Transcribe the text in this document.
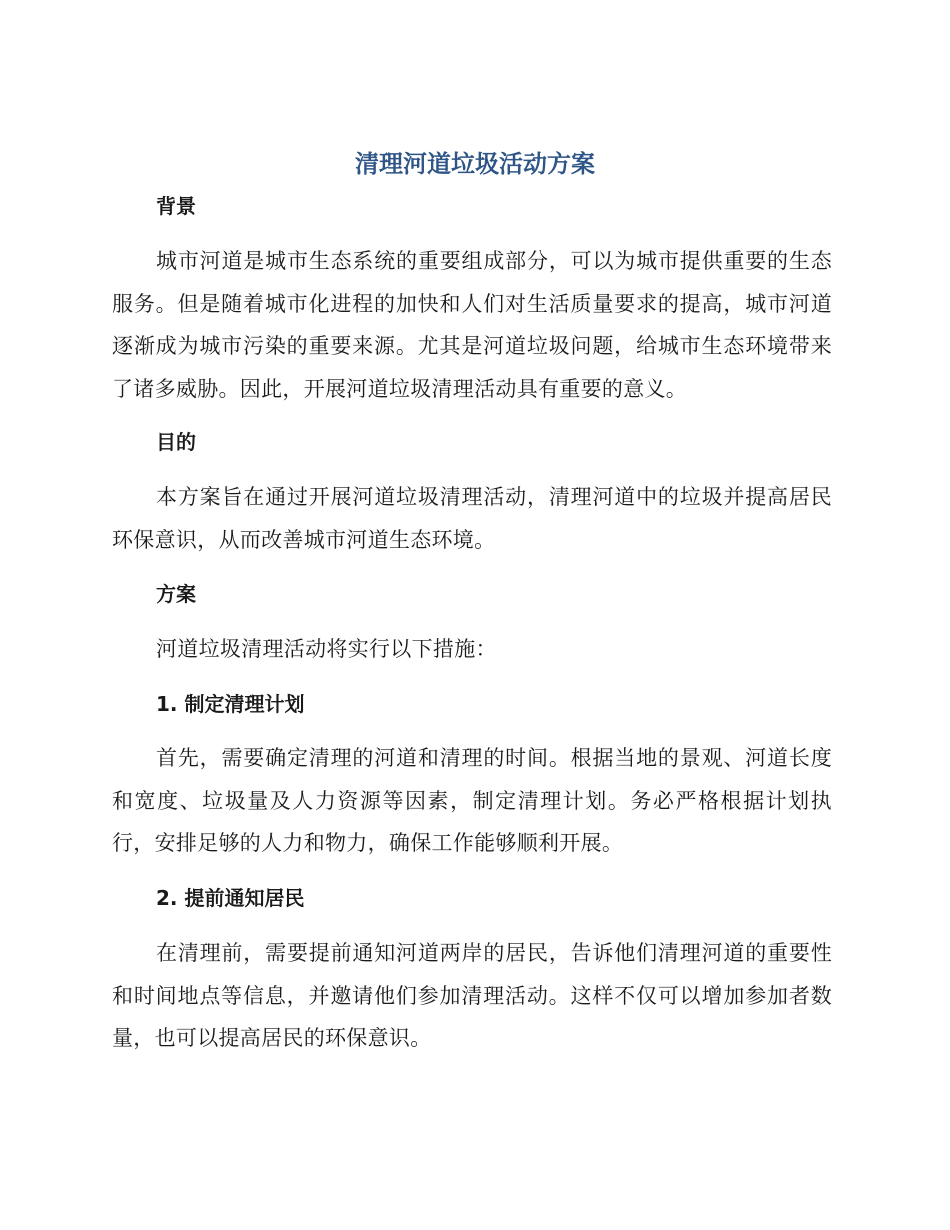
清理河道垃圾活动方案
背景

城市河道是城市生态系统的重要组成部分，可以为城市提供重要的生态服务。但是随着城市化进程的加快和人们对生活质量要求的提高，城市河道逐渐成为城市污染的重要来源。尤其是河道垃圾问题，给城市生态环境带来了诸多威胁。因此，开展河道垃圾清理活动具有重要的意义。

目的

本方案旨在通过开展河道垃圾清理活动，清理河道中的垃圾并提高居民环保意识，从而改善城市河道生态环境。

方案

河道垃圾清理活动将实行以下措施：

1. 制定清理计划

首先，需要确定清理的河道和清理的时间。根据当地的景观、河道长度和宽度、垃圾量及人力资源等因素，制定清理计划。务必严格根据计划执行，安排足够的人力和物力，确保工作能够顺利开展。

2. 提前通知居民

在清理前，需要提前通知河道两岸的居民，告诉他们清理河道的重要性和时间地点等信息，并邀请他们参加清理活动。这样不仅可以增加参加者数量，也可以提高居民的环保意识。
